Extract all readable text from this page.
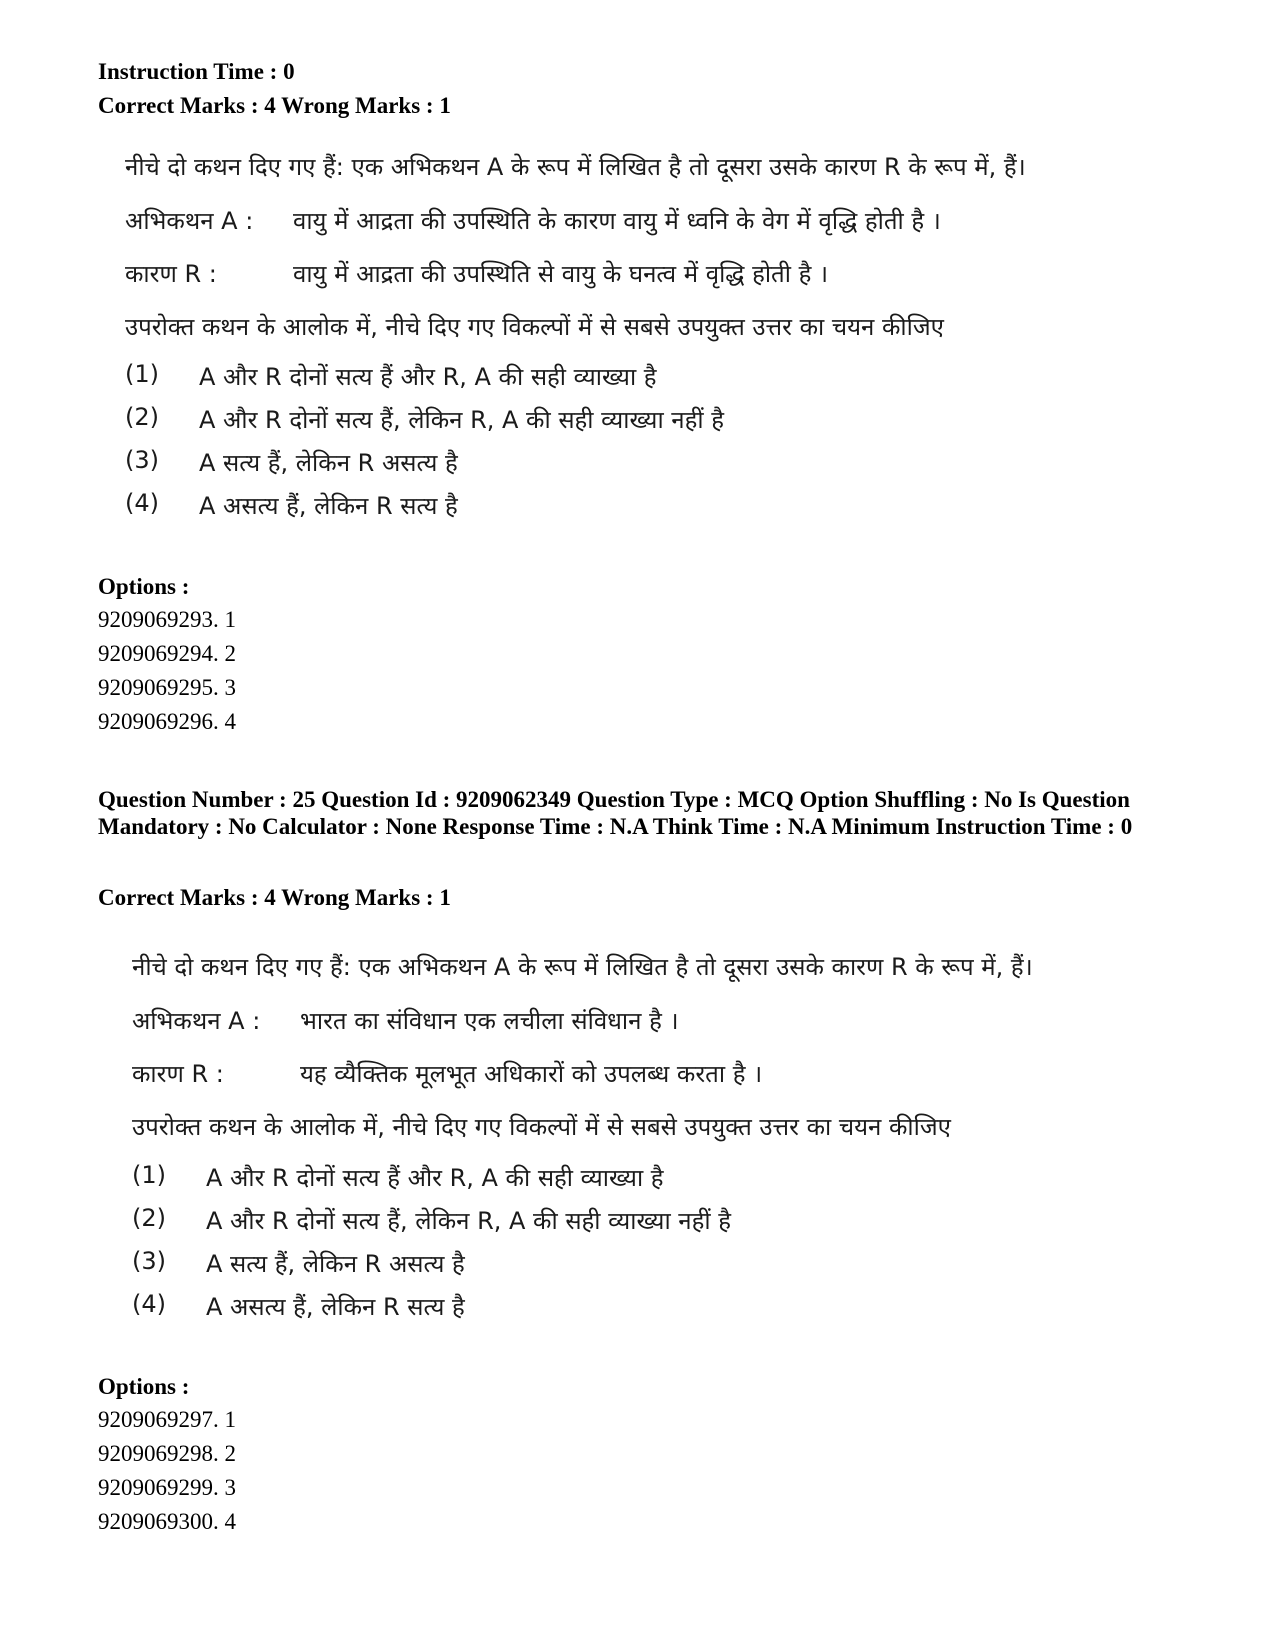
Instruction Time : 0
Correct Marks : 4 Wrong Marks : 1
नीचे दो कथन दिए गए हैं: एक अभिकथन A के रूप में लिखित है तो दूसरा उसके कारण R के रूप में, हैं।
अभिकथन A : वायु में आद्रता की उपस्थिति के कारण वायु में ध्वनि के वेग में वृद्धि होती है ।
कारण R :	वायु में आद्रता की उपस्थिति से वायु के घनत्व में वृद्धि होती है ।
उपरोक्त कथन के आलोक में, नीचे दिए गए विकल्पों में से सबसे उपयुक्त उत्तर का चयन कीजिए
(1) A और R दोनों सत्य हैं और R, A की सही व्याख्या है
(2) A और R दोनों सत्य हैं, लेकिन R, A की सही व्याख्या नहीं है
(3) A सत्य हैं, लेकिन R असत्य है
(4) A असत्य हैं, लेकिन R सत्य है
Options :
9209069293. 1
9209069294. 2
9209069295. 3
9209069296. 4
Question Number : 25 Question Id : 9209062349 Question Type : MCQ Option Shuffling : No Is Question Mandatory : No Calculator : None Response Time : N.A Think Time : N.A Minimum Instruction Time : 0
Correct Marks : 4 Wrong Marks : 1
नीचे दो कथन दिए गए हैं: एक अभिकथन A के रूप में लिखित है तो दूसरा उसके कारण R के रूप में, हैं।
अभिकथन A : भारत का संविधान एक लचीला संविधान है ।
कारण R :	यह व्यैक्तिक मूलभूत अधिकारों को उपलब्ध करता है ।
उपरोक्त कथन के आलोक में, नीचे दिए गए विकल्पों में से सबसे उपयुक्त उत्तर का चयन कीजिए
(1) A और R दोनों सत्य हैं और R, A की सही व्याख्या है
(2) A और R दोनों सत्य हैं, लेकिन R, A की सही व्याख्या नहीं है
(3) A सत्य हैं, लेकिन R असत्य है
(4) A असत्य हैं, लेकिन R सत्य है
Options :
9209069297. 1
9209069298. 2
9209069299. 3
9209069300. 4
